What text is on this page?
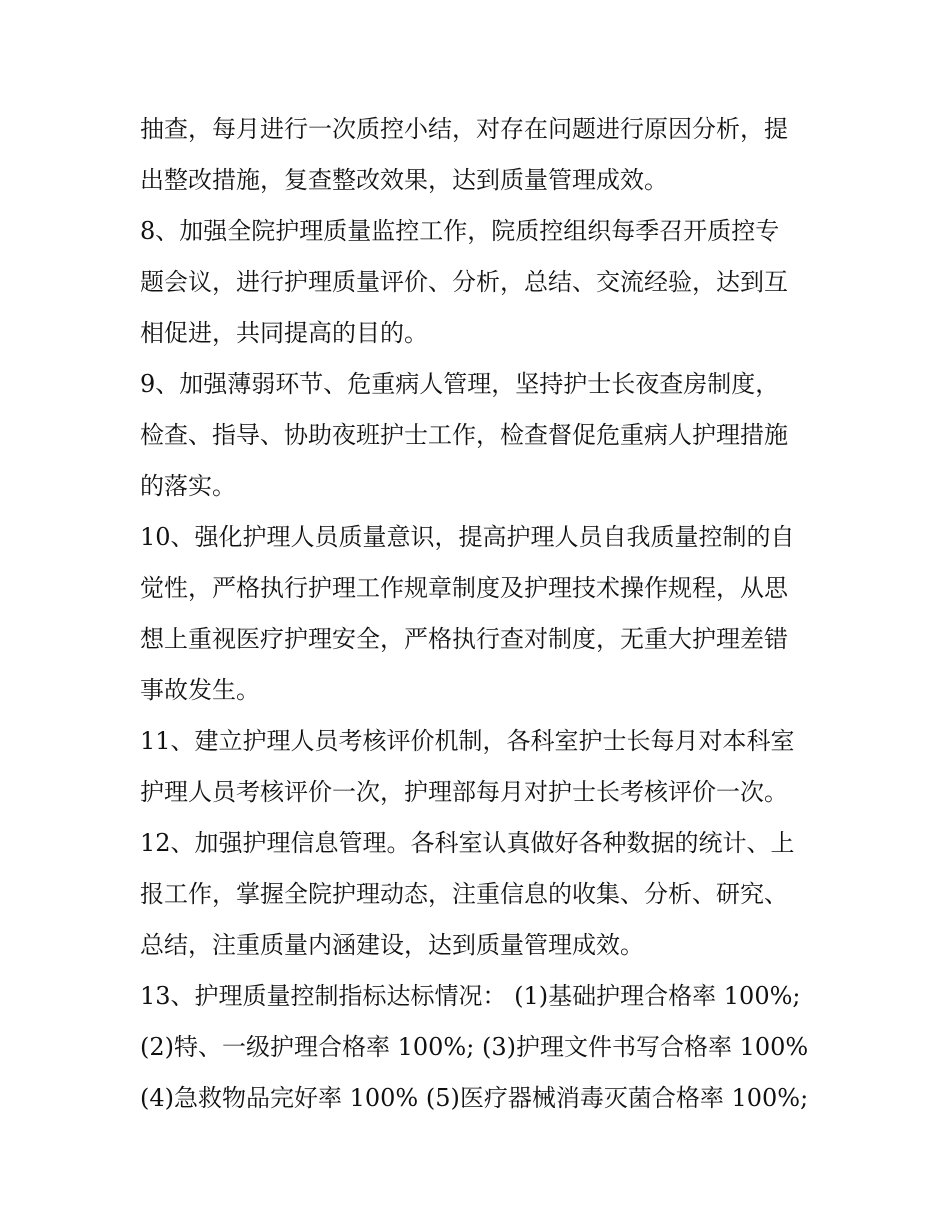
抽查，每月进行一次质控小结，对存在问题进行原因分析，提
出整改措施，复查整改效果，达到质量管理成效。
8、加强全院护理质量监控工作，院质控组织每季召开质控专
题会议，进行护理质量评价、分析，总结、交流经验，达到互
相促进，共同提高的目的。
9、加强薄弱环节、危重病人管理，坚持护士长夜查房制度，
检查、指导、协助夜班护士工作，检查督促危重病人护理措施
的落实。
10、强化护理人员质量意识，提高护理人员自我质量控制的自
觉性，严格执行护理工作规章制度及护理技术操作规程，从思
想上重视医疗护理安全，严格执行查对制度，无重大护理差错
事故发生。
11、建立护理人员考核评价机制，各科室护士长每月对本科室
护理人员考核评价一次，护理部每月对护士长考核评价一次。
12、加强护理信息管理。各科室认真做好各种数据的统计、上
报工作，掌握全院护理动态，注重信息的收集、分析、研究、
总结，注重质量内涵建设，达到质量管理成效。
13、护理质量控制指标达标情况： (1)基础护理合格率 100%;
(2)特、一级护理合格率 100%; (3)护理文件书写合格率 100%
(4)急救物品完好率 100% (5)医疗器械消毒灭菌合格率 100%;
